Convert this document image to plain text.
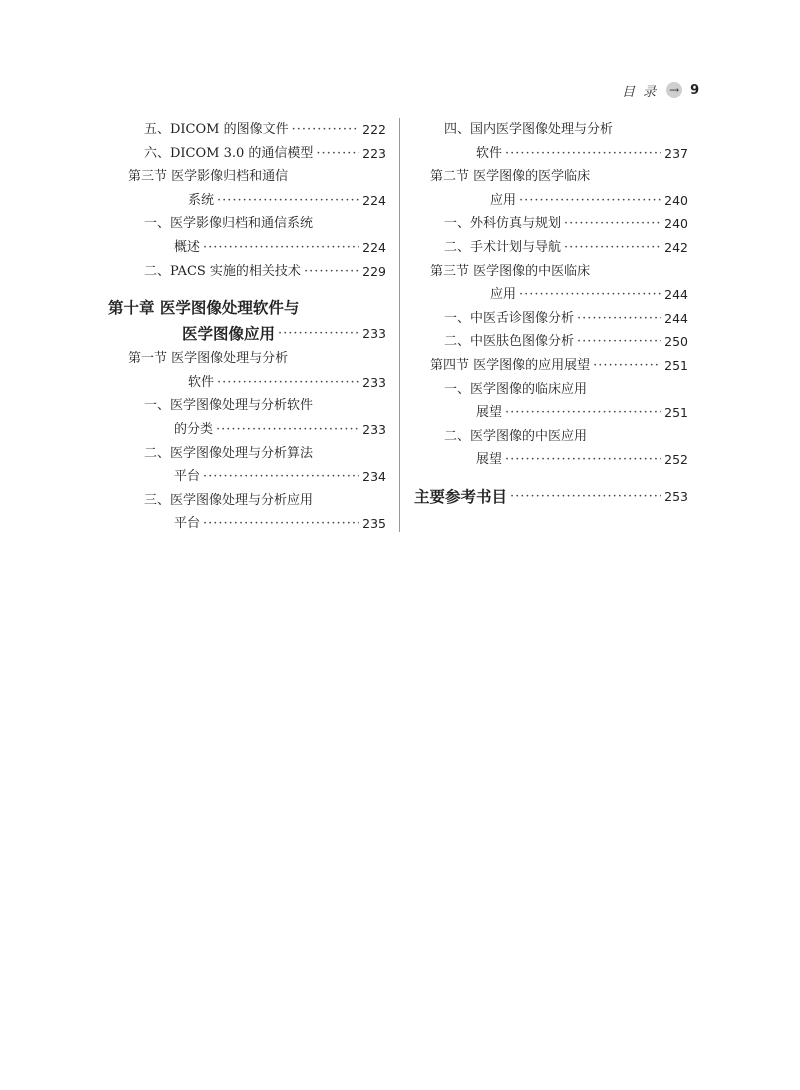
目 录 → 9
五、DICOM 的图像文件 ·····	222
六、DICOM 3.0 的通信模型 ·····	223
第三节 医学影像归档和通信
系统 ·····	224
一、医学影像归档和通信系统
概述 ·····	224
二、PACS 实施的相关技术 ·····	229
第十章 医学图像处理软件与
医学图像应用 ·····	233
第一节 医学图像处理与分析
软件 ·····	233
一、医学图像处理与分析软件
的分类 ·····	233
二、医学图像处理与分析算法
平台 ·····	234
三、医学图像处理与分析应用
平台 ·····	235
四、国内医学图像处理与分析
软件 ·····	237
第二节 医学图像的医学临床
应用 ·····	240
一、外科仿真与规划 ·····	240
二、手术计划与导航 ·····	242
第三节 医学图像的中医临床
应用 ·····	244
一、中医舌诊图像分析 ·····	244
二、中医肤色图像分析 ·····	250
第四节 医学图像的应用展望 ·····	251
一、医学图像的临床应用
展望 ·····	251
二、医学图像的中医应用
展望 ·····	252
主要参考书目 ·····	253
